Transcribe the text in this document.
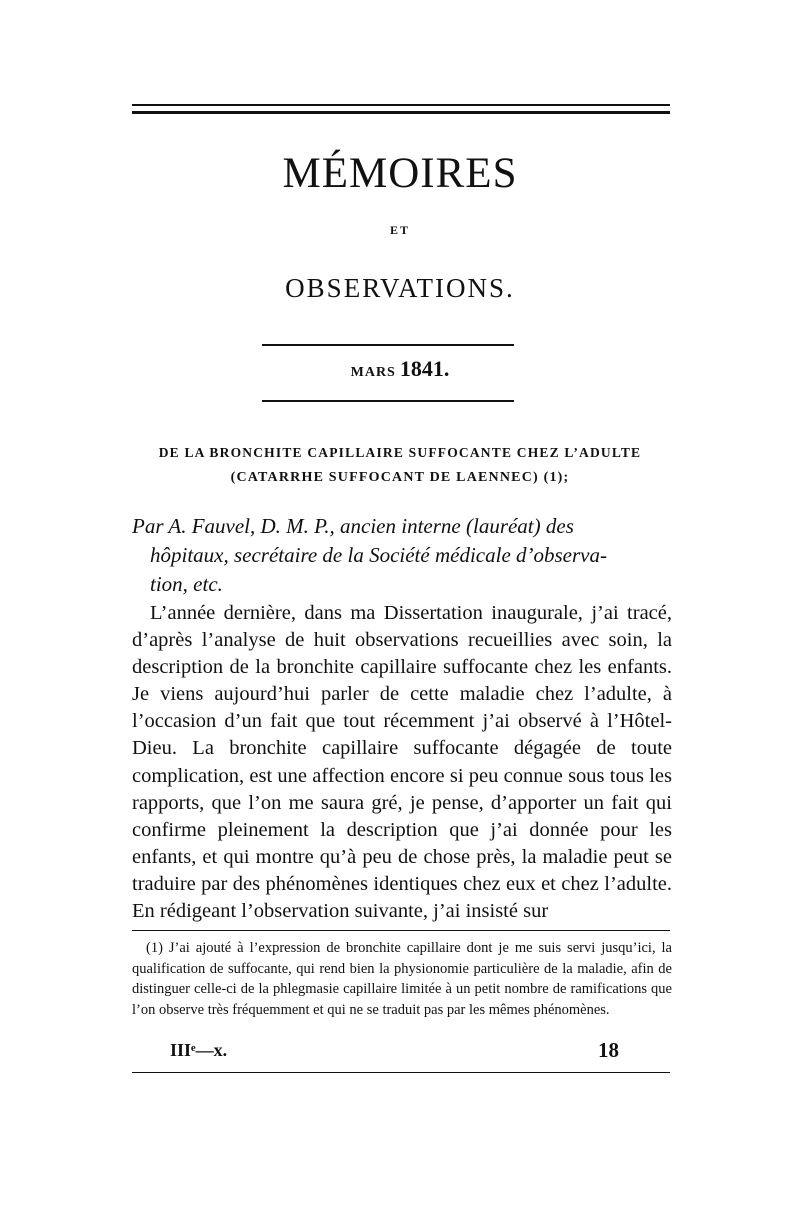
MÉMOIRES
ET
OBSERVATIONS.
MARS 1841.
DE LA BRONCHITE CAPILLAIRE SUFFOCANTE CHEZ L’ADULTE
(CATARRHE SUFFOCANT DE LAENNEC) (1);
Par A. Fauvel, D. M. P., ancien interne (lauréat) des

hôpitaux, secrétaire de la Société médicale d’observa-
tion, etc.

L’année dernière, dans ma Dissertation inaugurale, j’ai tracé, d’après l’analyse de huit observations recueillies avec soin, la description de la bronchite capillaire suffocante chez les enfants. Je viens aujourd’hui parler de cette maladie chez l’adulte, à l’occasion d’un fait que tout récemment j’ai observé à l’Hôtel-Dieu. La bronchite capillaire suffocante dégagée de toute complication, est une affection encore si peu connue sous tous les rapports, que l’on me saura gré, je pense, d’apporter un fait qui confirme pleinement la description que j’ai donnée pour les enfants, et qui montre qu’à peu de chose près, la maladie peut se traduire par des phénomènes identiques chez eux et chez l’adulte. En rédigeant l’observation suivante, j’ai insisté sur

(1) J’ai ajouté à l’expression de bronchite capillaire dont je me suis servi jusqu’ici, la qualification de suffocante, qui rend bien la physionomie particulière de la maladie, afin de distinguer celle-ci de la phlegmasie capillaire limitée à un petit nombre de ramifications que l’on observe très fréquemment et qui ne se traduit pas par les mêmes phénomènes.

IIIᵉ—x.	18
